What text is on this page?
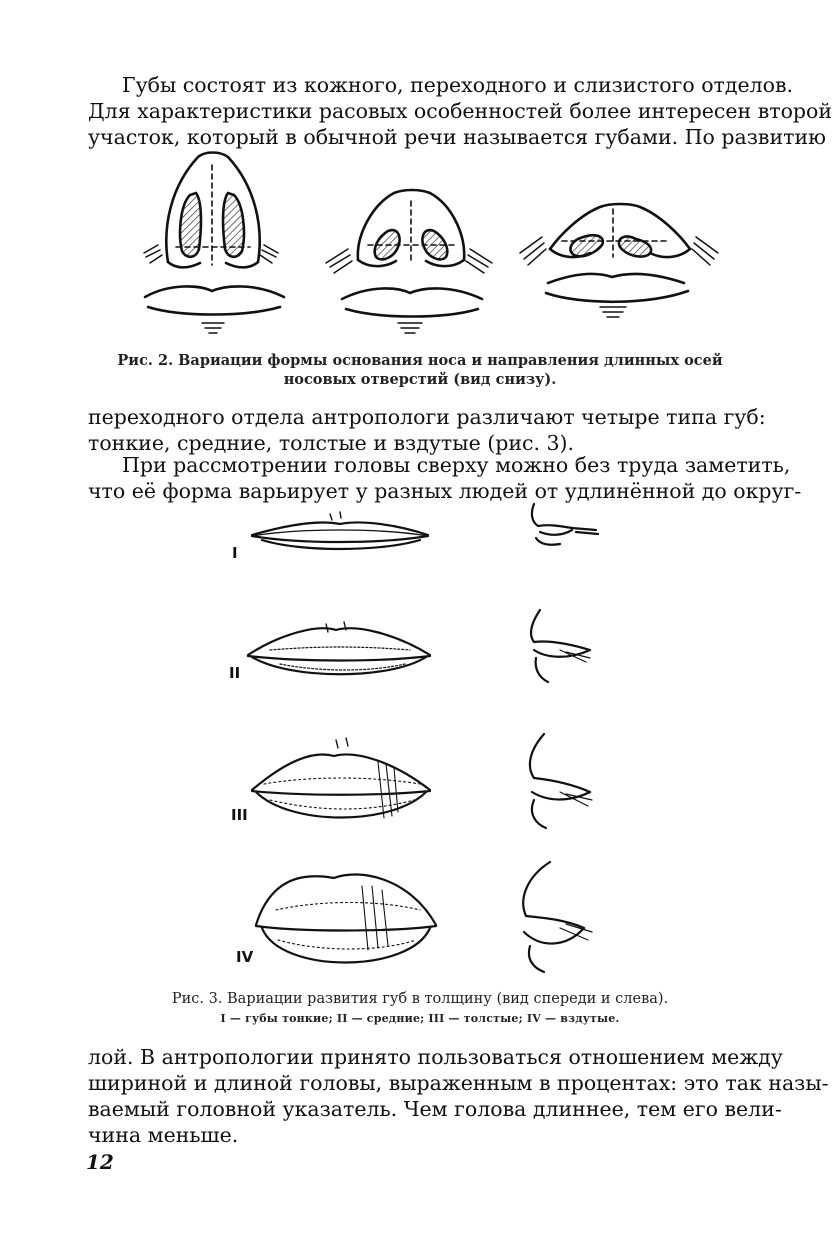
Губы состоят из кожного, переходного и слизистого отделов.
Для характеристики расовых особенностей более интересен второй
участок, который в обычной речи называется губами. По развитию
Рис. 2. Вариации формы основания носа и направления длинных осей
носовых отверстий (вид снизу).
переходного отдела антропологи различают четыре типа губ:
тонкие, средние, толстые и вздутые (рис. 3).
При рассмотрении головы сверху можно без труда заметить,
что её форма варьирует у разных людей от удлинённой до округ-
I
II
III
IV
Рис. 3. Вариации развития губ в толщину (вид спереди и слева).
I — губы тонкие; II — средние; III — толстые; IV — вздутые.
лой. В антропологии принято пользоваться отношением между
шириной и длиной головы, выраженным в процентах: это так назы-
ваемый головной указатель. Чем голова длиннее, тем его вели-
чина меньше.
12
